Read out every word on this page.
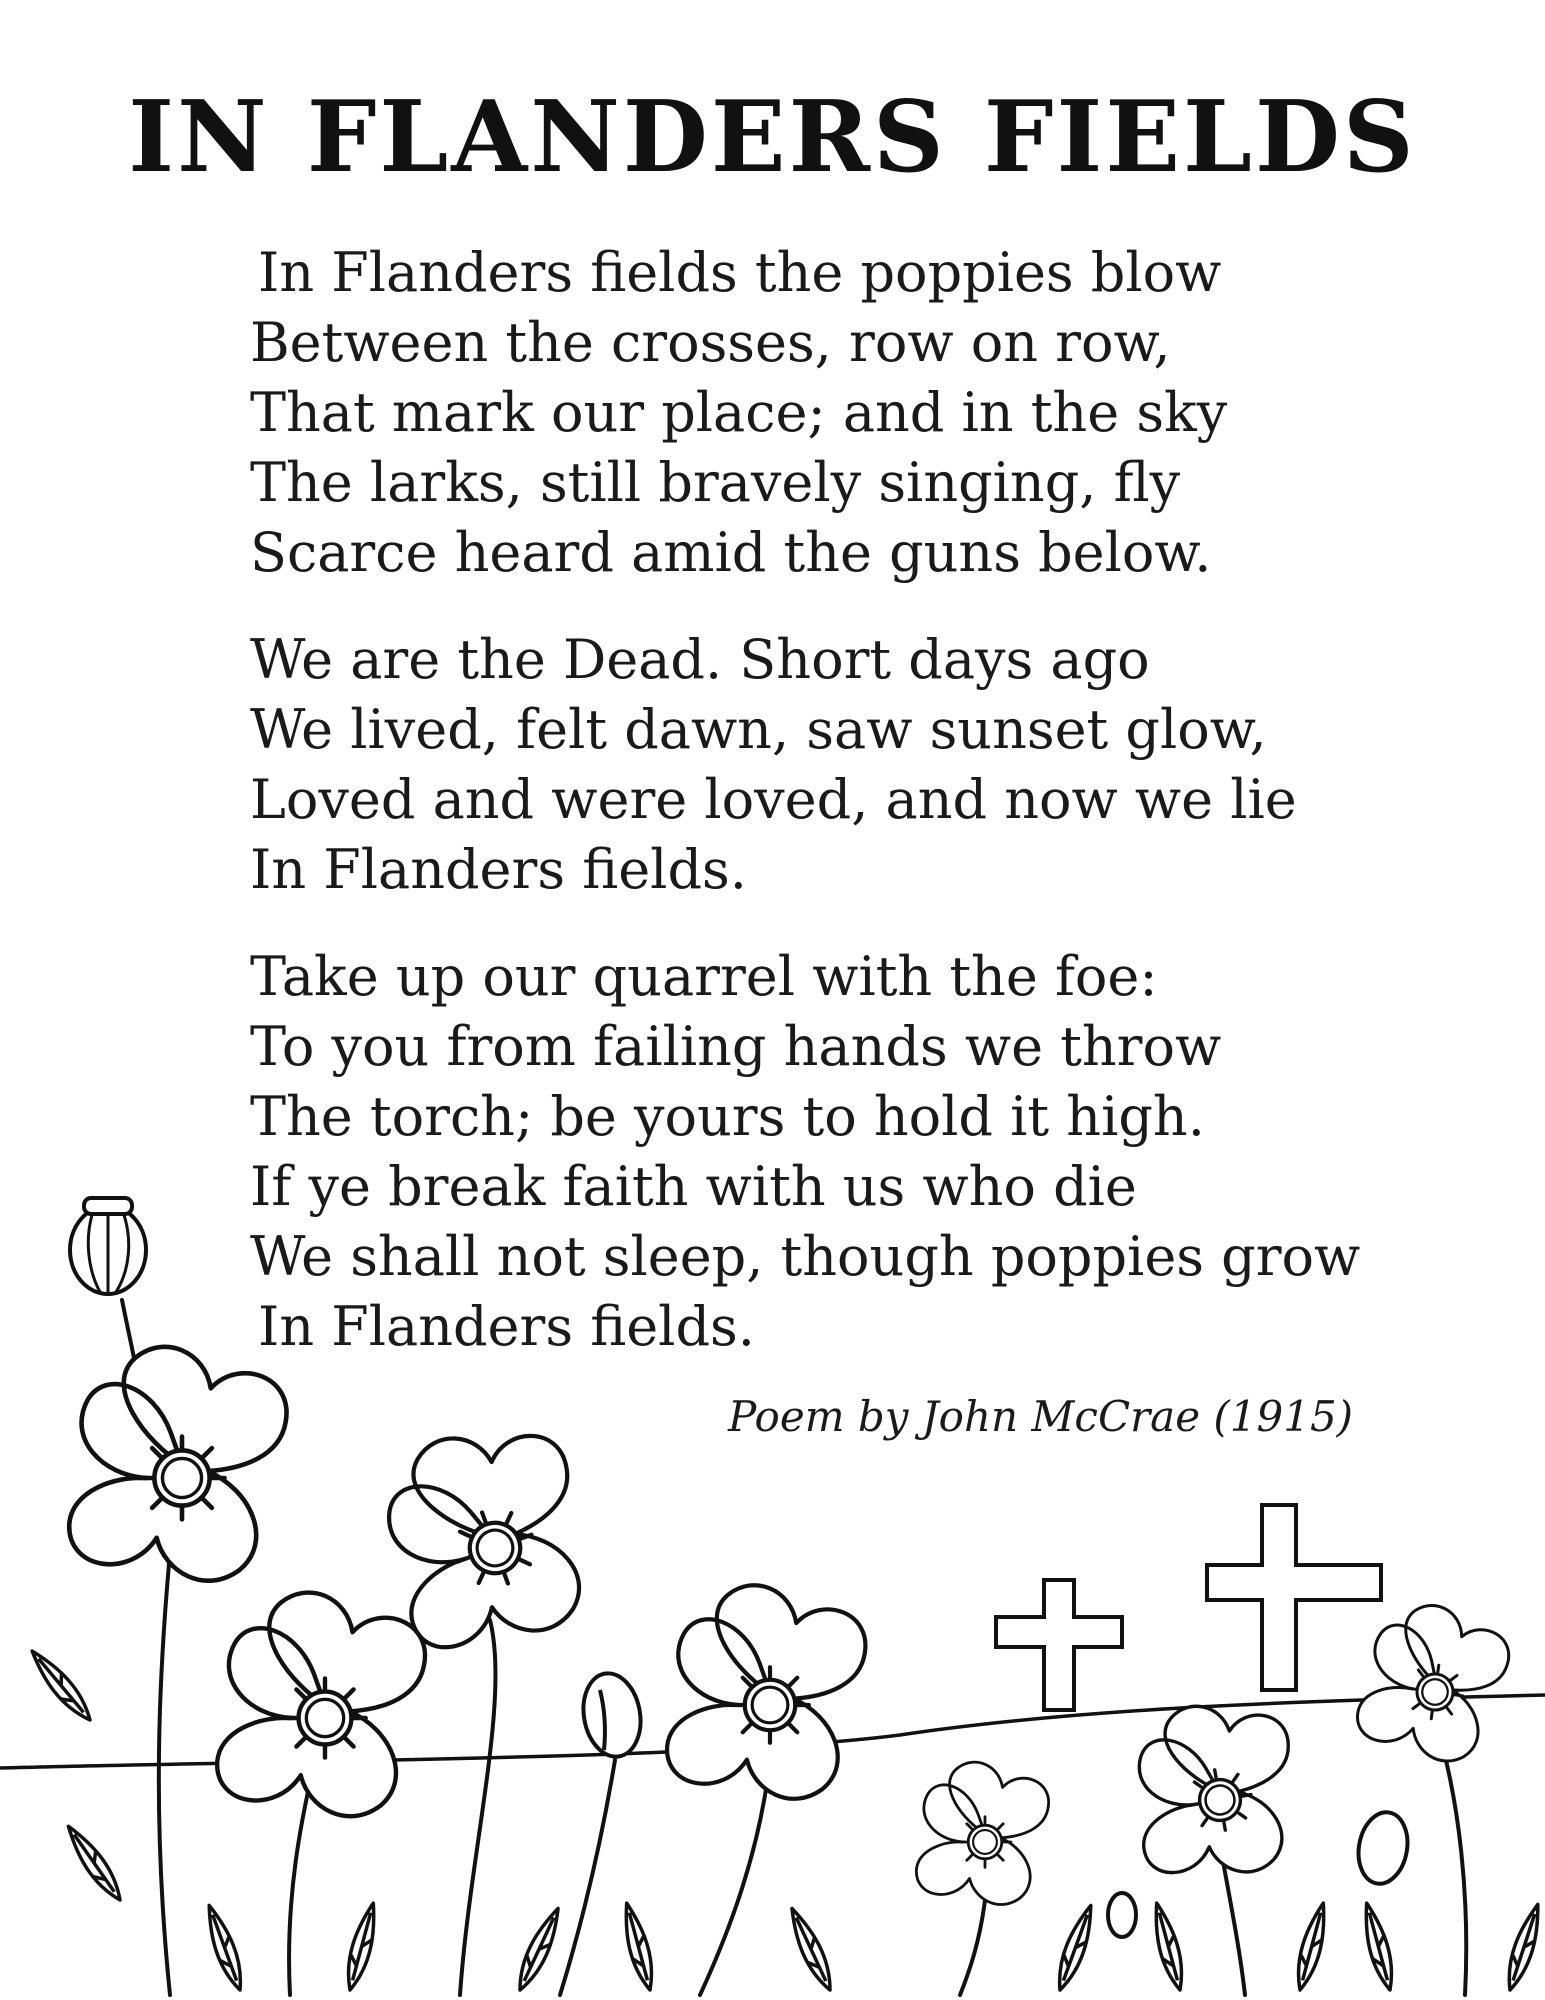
IN FLANDERS FIELDS
In Flanders fields the poppies blow
Between the crosses, row on row,
That mark our place; and in the sky
The larks, still bravely singing, fly
Scarce heard amid the guns below.
We are the Dead. Short days ago
We lived, felt dawn, saw sunset glow,
Loved and were loved, and now we lie
In Flanders fields.
Take up our quarrel with the foe:
To you from failing hands we throw
The torch; be yours to hold it high.
If ye break faith with us who die
We shall not sleep, though poppies grow
In Flanders fields.
Poem by John McCrae (1915)
